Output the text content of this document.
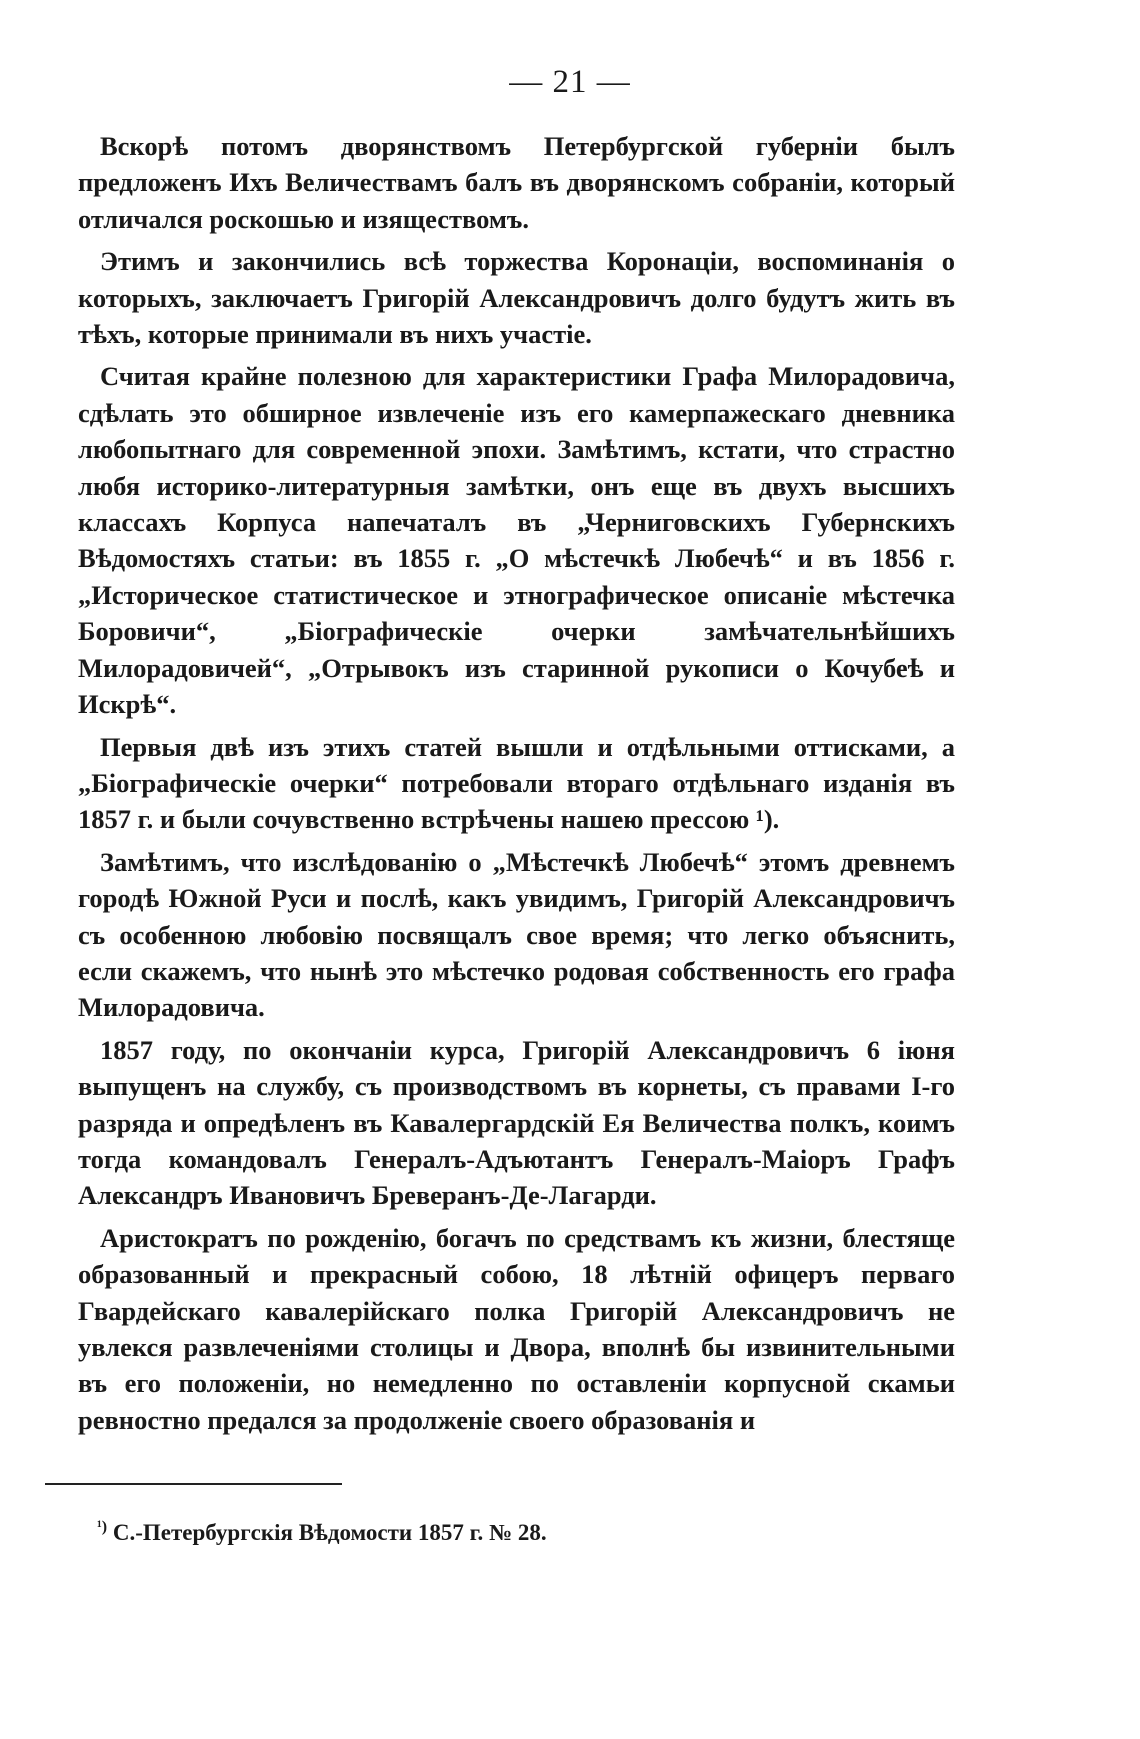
— 21 —

Вскорѣ потомъ дворянствомъ Петербургской губерніи былъ предложенъ Ихъ Величествамъ балъ въ дворянскомъ собраніи, который отличался роскошью и изяществомъ.

Этимъ и закончились всѣ торжества Коронаціи, воспоминанія о которыхъ, заключаетъ Григорій Александровичъ долго будутъ жить въ тѣхъ, которые принимали въ нихъ участіе.

Считая крайне полезною для характеристики Графа Милорадовича, сдѣлать это обширное извлеченіе изъ его камерпажескаго дневника любопытнаго для современной эпохи. Замѣтимъ, кстати, что страстно любя историко-литературныя замѣтки, онъ еще въ двухъ высшихъ классахъ Корпуса напечаталъ въ „Черниговскихъ Губернскихъ Вѣдомостяхъ статьи: въ 1855 г. „О мѣстечкѣ Любечѣ“ и въ 1856 г. „Историческое статистическое и этнографическое описаніе мѣстечка Боровичи“, „Біографическіе очерки замѣчательнѣйшихъ Милорадовичей“, „Отрывокъ изъ старинной рукописи о Кочубеѣ и Искрѣ“.

Первыя двѣ изъ этихъ статей вышли и отдѣльными оттисками, а „Біографическіе очерки“ потребовали втораго отдѣльнаго изданія въ 1857 г. и были сочувственно встрѣчены нашею прессою ¹).

Замѣтимъ, что изслѣдованію о „Мѣстечкѣ Любечѣ“ этомъ древнемъ городѣ Южной Руси и послѣ, какъ увидимъ, Григорій Александровичъ съ особенною любовію посвящалъ свое время; что легко объяснить, если скажемъ, что нынѣ это мѣстечко родовая собственность его графа Милорадовича.

1857 году, по окончаніи курса, Григорій Александровичъ 6 іюня выпущенъ на службу, съ производствомъ въ корнеты, съ правами I-го разряда и опредѣленъ въ Кавалергардскій Ея Величества полкъ, коимъ тогда командовалъ Генералъ-Адъютантъ Генералъ-Маіоръ Графъ Александръ Ивановичъ Бреверанъ-Де-Лагарди.

Аристократъ по рожденію, богачъ по средствамъ къ жизни, блестяще образованный и прекрасный собою, 18 лѣтній офицеръ перваго Гвардейскаго кавалерійскаго полка Григорій Александровичъ не увлекся развлеченіями столицы и Двора, вполнѣ бы извинительными въ его положеніи, но немедленно по оставленіи корпусной скамьи ревностно предался за продолженіе своего образованія и

$^{^1)}$ С.-Петербургскія Вѣдомости 1857 г. № 28.
